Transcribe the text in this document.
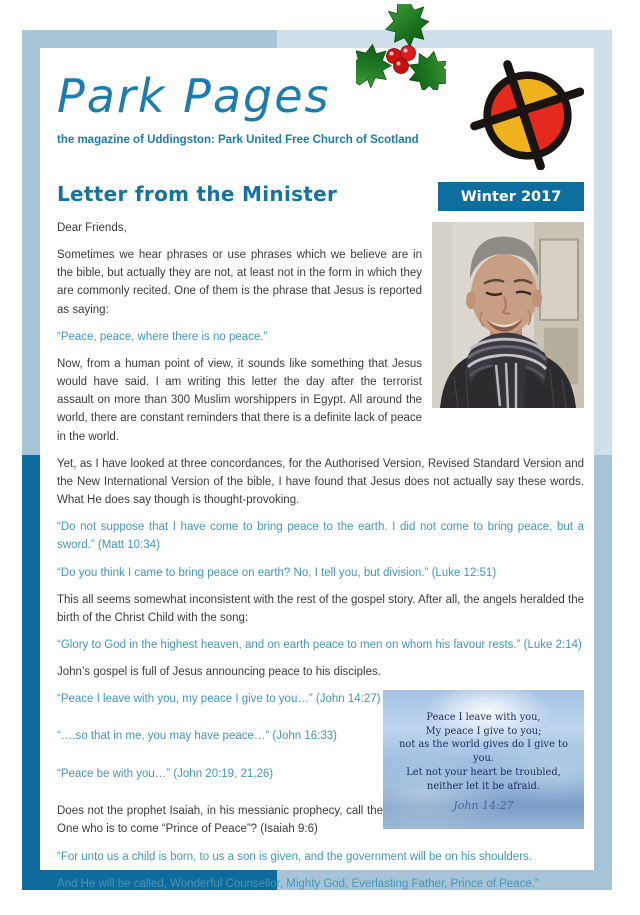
Park Pages
the magazine of Uddingston: Park United Free Church of Scotland
Letter from the Minister	Winter 2017

Dear Friends,

Sometimes we hear phrases or use phrases which we believe are in the bible, but actually they are not, at least not in the form in which they are commonly recited. One of them is the phrase that Jesus is reported as saying:

“Peace, peace, where there is no peace.”

Now, from a human point of view, it sounds like something that Jesus would have said. I am writing this letter the day after the terrorist assault on more than 300 Muslim worshippers in Egypt. All around the world, there are constant reminders that there is a definite lack of peace in the world.

Yet, as I have looked at three concordances, for the Authorised Version, Revised Standard Version and the New International Version of the bible, I have found that Jesus does not actually say these words. What He does say though is thought-provoking.

“Do not suppose that I have come to bring peace to the earth. I did not come to bring peace, but a sword.” (Matt 10:34)

“Do you think I came to bring peace on earth? No, I tell you, but division.” (Luke 12:51)

This all seems somewhat inconsistent with the rest of the gospel story. After all, the angels heralded the birth of the Christ Child with the song:

“Glory to God in the highest heaven, and on earth peace to men on whom his favour rests.” (Luke 2:14)

John’s gospel is full of Jesus announcing peace to his disciples.

“Peace I leave with you, my peace I give to you…” (John 14:27)

“….so that in me, you may have peace…” (John 16:33)

“Peace be with you…” (John 20:19, 21,26)

Does not the prophet Isaiah, in his messianic prophecy, call the One who is to come “Prince of Peace”? (Isaiah 9:6)

Peace I leave with you,
My peace I give to you;
not as the world gives do I give to you.
Let not your heart be troubled,
neither let it be afraid.
John 14:27

“For unto us a child is born, to us a son is given, and the government will be on his shoulders.

And He will be called, Wonderful Counsellor, Mighty God, Everlasting Father, Prince of Peace.”
